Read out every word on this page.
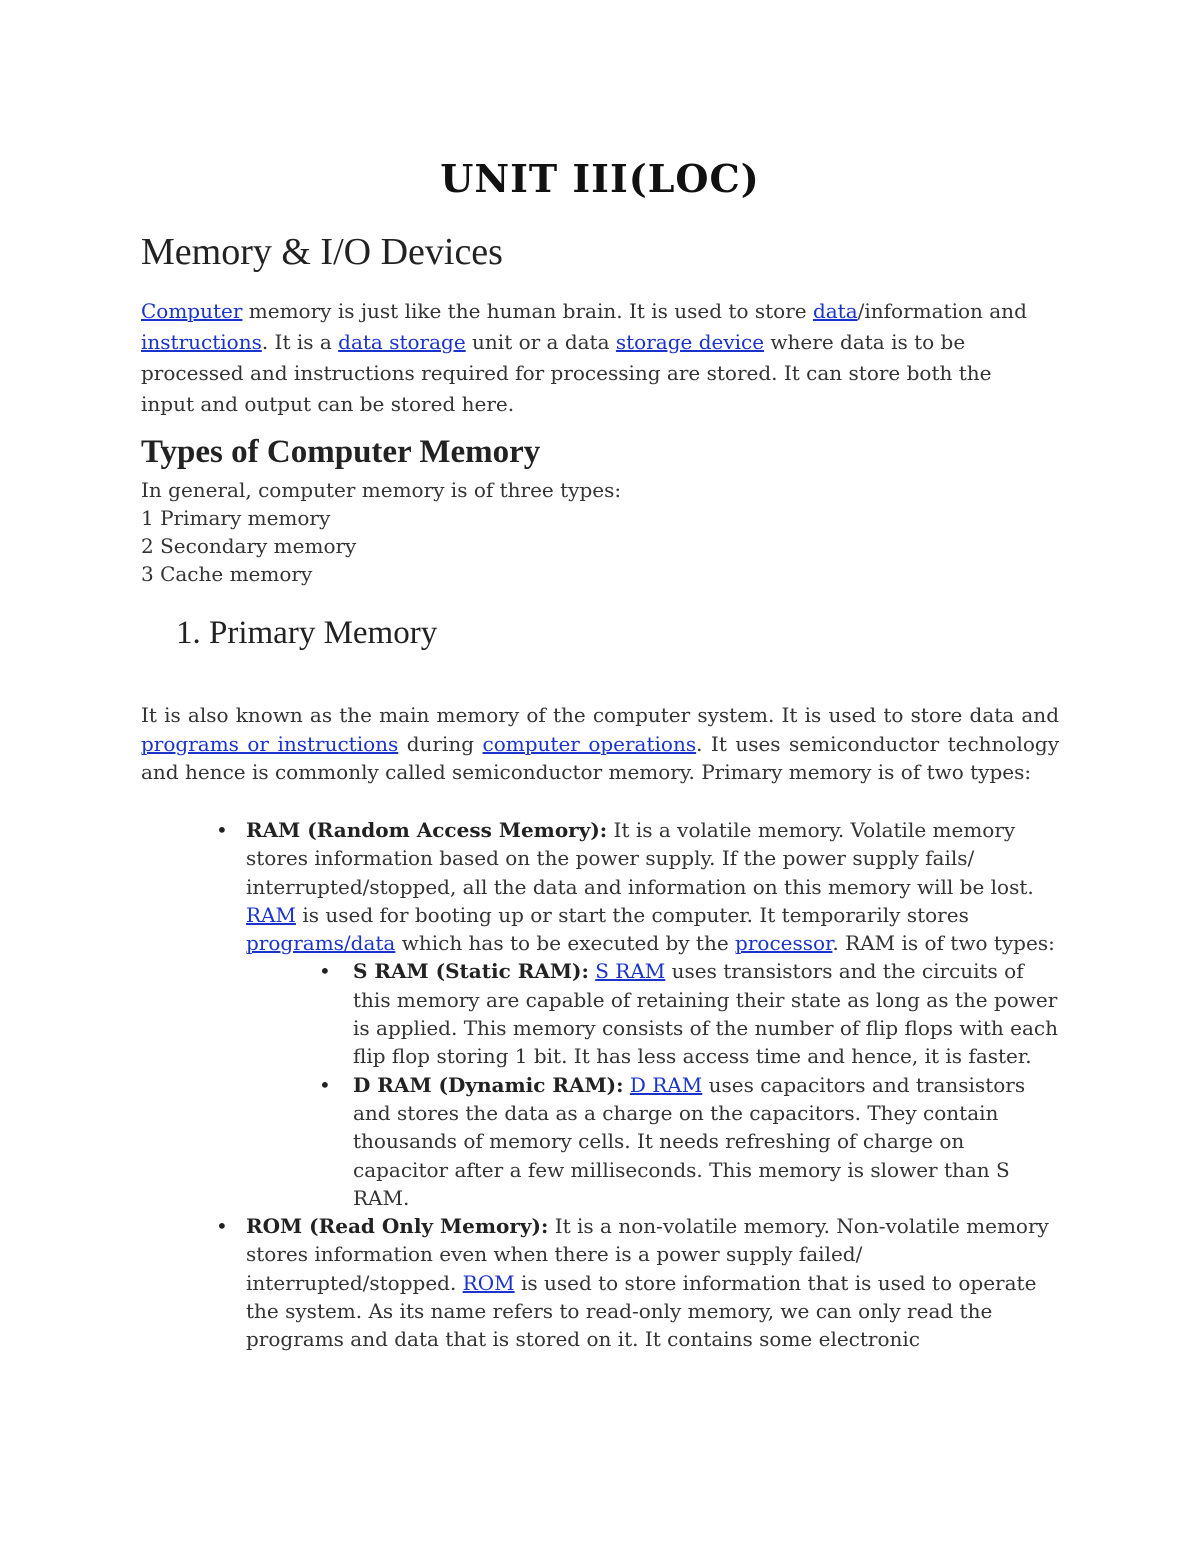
UNIT III(LOC)
Memory & I/O Devices
Computer memory is just like the human brain. It is used to store data/information and instructions. It is a data storage unit or a data storage device where data is to be processed and instructions required for processing are stored. It can store both the input and output can be stored here.
Types of Computer Memory
In general, computer memory is of three types:
1 Primary memory
2 Secondary memory
3 Cache memory
1. Primary Memory
It is also known as the main memory of the computer system. It is used to store data and programs or instructions during computer operations. It uses semiconductor technology and hence is commonly called semiconductor memory. Primary memory is of two types:
• RAM (Random Access Memory): It is a volatile memory. Volatile memory stores information based on the power supply. If the power supply fails/ interrupted/stopped, all the data and information on this memory will be lost. RAM is used for booting up or start the computer. It temporarily stores programs/data which has to be executed by the processor. RAM is of two types:
• S RAM (Static RAM): S RAM uses transistors and the circuits of this memory are capable of retaining their state as long as the power is applied. This memory consists of the number of flip flops with each flip flop storing 1 bit. It has less access time and hence, it is faster.
• D RAM (Dynamic RAM): D RAM uses capacitors and transistors and stores the data as a charge on the capacitors. They contain thousands of memory cells. It needs refreshing of charge on capacitor after a few milliseconds. This memory is slower than S RAM.
• ROM (Read Only Memory): It is a non-volatile memory. Non-volatile memory stores information even when there is a power supply failed/ interrupted/stopped. ROM is used to store information that is used to operate the system. As its name refers to read-only memory, we can only read the programs and data that is stored on it. It contains some electronic
